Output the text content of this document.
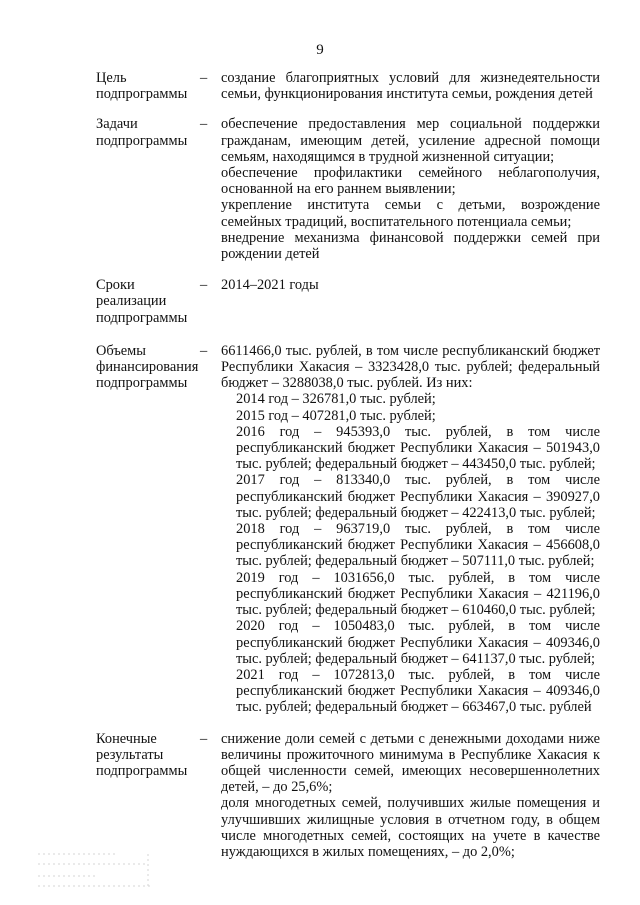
9
Цель
подпрограммы
– создание благоприятных условий для жизнедеятельности семьи, функционирования института семьи, рождения детей

Задачи
подпрограммы
– обеспечение предоставления мер социальной поддержки гражданам, имеющим детей, усиление адресной помощи семьям, находящимся в трудной жизненной ситуации;

обеспечение профилактики семейного неблагополучия, основанной на его раннем выявлении;

укрепление института семьи с детьми, возрождение семейных традиций, воспитательного потенциала семьи;

внедрение механизма финансовой поддержки семей при рождении детей

Сроки
реализации
подпрограммы
– 2014–2021 годы

Объемы
финансирования
подпрограммы
– 6611466,0 тыс. рублей, в том числе республиканский бюджет Республики Хакасия – 3323428,0 тыс. рублей; федеральный бюджет – 3288038,0 тыс. рублей. Из них:

2014 год – 326781,0 тыс. рублей;

2015 год – 407281,0 тыс. рублей;

2016 год – 945393,0 тыс. рублей, в том числе республиканский бюджет Республики Хакасия – 501943,0 тыс. рублей; федеральный бюджет – 443450,0 тыс. рублей;

2017 год – 813340,0 тыс. рублей, в том числе республиканский бюджет Республики Хакасия – 390927,0 тыс. рублей; федеральный бюджет – 422413,0 тыс. рублей;

2018 год – 963719,0 тыс. рублей, в том числе республиканский бюджет Республики Хакасия – 456608,0 тыс. рублей; федеральный бюджет – 507111,0 тыс. рублей;

2019 год – 1031656,0 тыс. рублей, в том числе республиканский бюджет Республики Хакасия – 421196,0 тыс. рублей; федеральный бюджет – 610460,0 тыс. рублей;

2020 год – 1050483,0 тыс. рублей, в том числе республиканский бюджет Республики Хакасия – 409346,0 тыс. рублей; федеральный бюджет – 641137,0 тыс. рублей;

2021 год – 1072813,0 тыс. рублей, в том числе республиканский бюджет Республики Хакасия – 409346,0 тыс. рублей; федеральный бюджет – 663467,0 тыс. рублей

Конечные
результаты
подпрограммы
– снижение доли семей с детьми с денежными доходами ниже величины прожиточного минимума в Республике Хакасия к общей численности семей, имеющих несовершеннолетних детей, – до 25,6%;

доля многодетных семей, получивших жилые помещения и улучшивших жилищные условия в отчетном году, в общем числе многодетных семей, состоящих на учете в качестве нуждающихся в жилых помещениях, – до 2,0%;
